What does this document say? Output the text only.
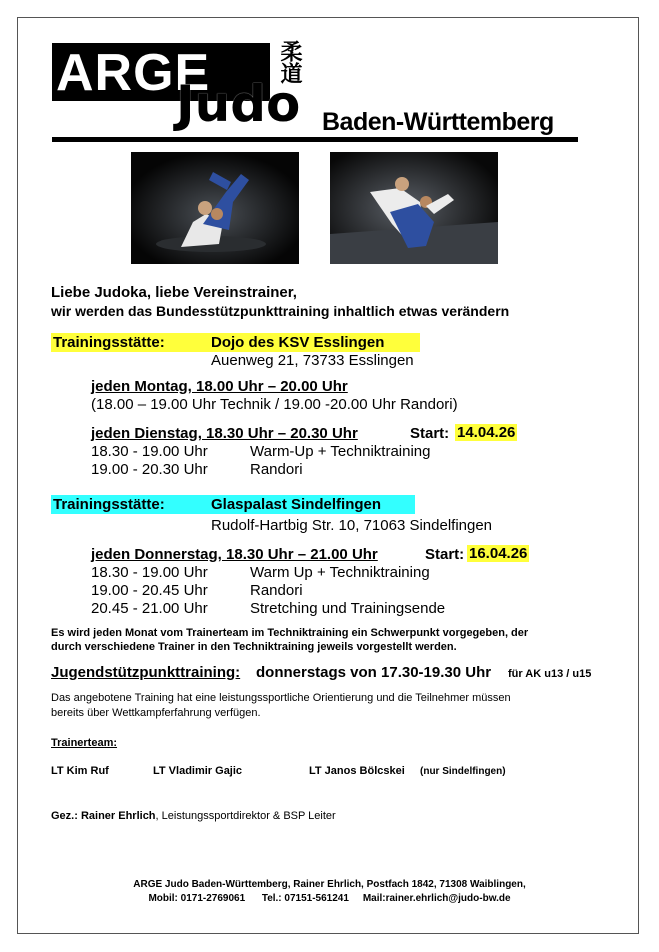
ARGE	柔道
Judo Baden-Württemberg
Liebe Judoka, liebe Vereinstrainer,
wir werden das Bundesstützpunkttraining inhaltlich etwas verändern
Trainingsstätte:	Dojo des KSV Esslingen
Auenweg 21, 73733 Esslingen
jeden Montag, 18.00 Uhr – 20.00 Uhr
(18.00 – 19.00 Uhr Technik / 19.00 -20.00 Uhr Randori)
jeden Dienstag, 18.30 Uhr – 20.30 Uhr	Start: 14.04.26
18.30 - 19.00 Uhr	Warm-Up + Techniktraining
19.00 - 20.30 Uhr	Randori
Trainingsstätte:	Glaspalast Sindelfingen
Rudolf-Hartbig Str. 10, 71063 Sindelfingen
jeden Donnerstag, 18.30 Uhr – 21.00 Uhr	Start: 16.04.26
18.30 - 19.00 Uhr	Warm Up + Techniktraining
19.00 - 20.45 Uhr	Randori
20.45 - 21.00 Uhr	Stretching und Trainingsende
Es wird jeden Monat vom Trainerteam im Techniktraining ein Schwerpunkt vorgegeben, der
durch verschiedene Trainer in den Techniktraining jeweils vorgestellt werden.
Jugendstützpunkttraining: donnerstags von 17.30-19.30 Uhr für AK u13 / u15
Das angebotene Training hat eine leistungssportliche Orientierung und die Teilnehmer müssen
bereits über Wettkampferfahrung verfügen.
Trainerteam:
LT Kim Ruf	LT Vladimir Gajic	LT Janos Bölcskei (nur Sindelfingen)
Gez.: Rainer Ehrlich, Leistungssportdirektor & BSP Leiter
ARGE Judo Baden-Württemberg, Rainer Ehrlich, Postfach 1842, 71308 Waiblingen,
Mobil: 0171-2769061      Tel.: 07151-561241     Mail:rainer.ehrlich@judo-bw.de
